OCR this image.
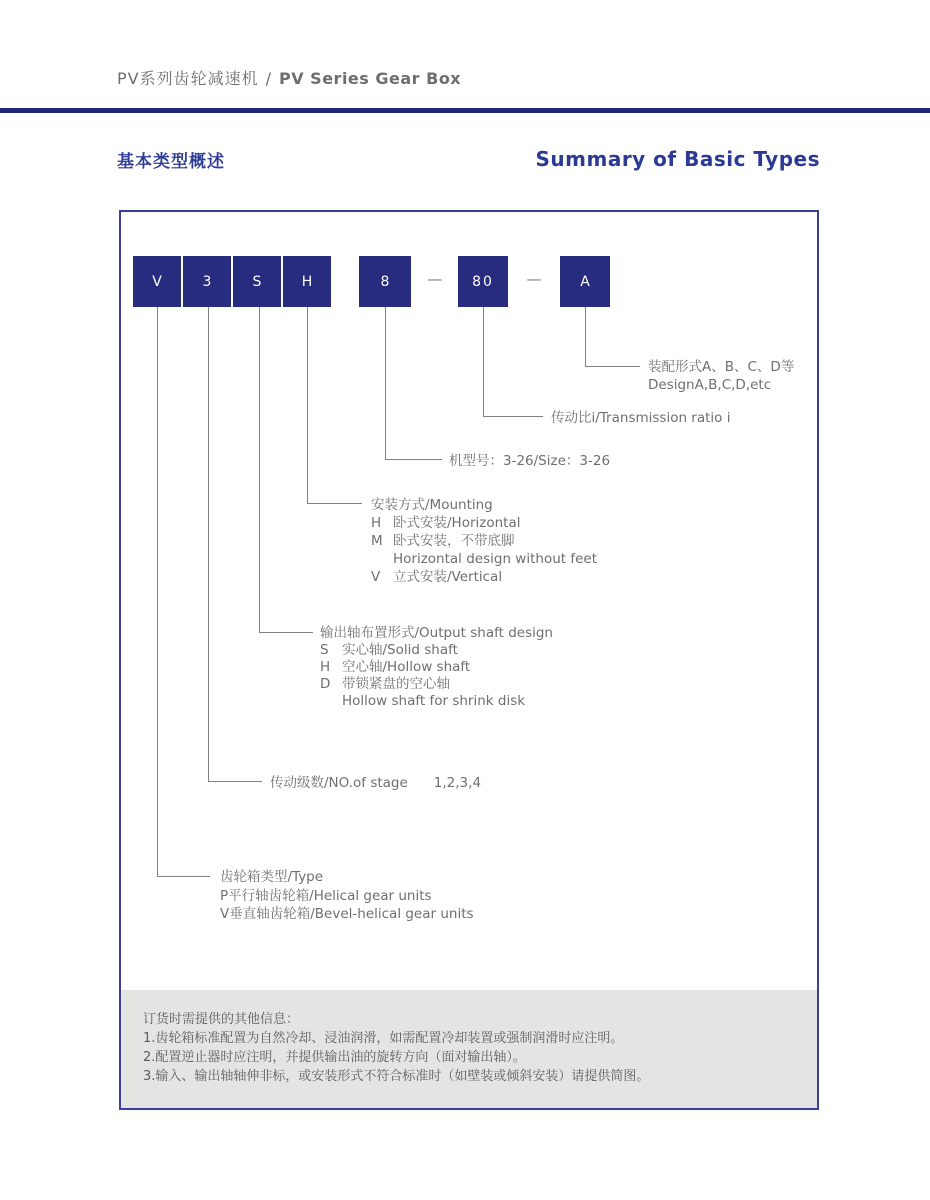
PV系列齿轮减速机 / PV Series Gear Box
基本类型概述	Summary of Basic Types
V	3	S	H	8	—	80	—	A
装配形式A、B、C、D等
DesignA,B,C,D,etc
传动比i/Transmission ratio i
机型号：3-26/Size：3-26
安装方式/Mounting
H 卧式安装/Horizontal
M 卧式安装，不带底脚
Horizontal design without feet
V 立式安装/Vertical
输出轴布置形式/Output shaft design
S 实心轴/Solid shaft
H 空心轴/Hollow shaft
D 带锁紧盘的空心轴
Hollow shaft for shrink disk
传动级数/NO.of stage 1,2,3,4
齿轮箱类型/Type
P平行轴齿轮箱/Helical gear units
V垂直轴齿轮箱/Bevel-helical gear units
订货时需提供的其他信息：
1.齿轮箱标准配置为自然冷却、浸油润滑，如需配置冷却装置或强制润滑时应注明。
2.配置逆止器时应注明，并提供输出油的旋转方向（面对输出轴）。
3.输入、输出轴轴伸非标，或安装形式不符合标准时（如壁装或倾斜安装）请提供简图。
